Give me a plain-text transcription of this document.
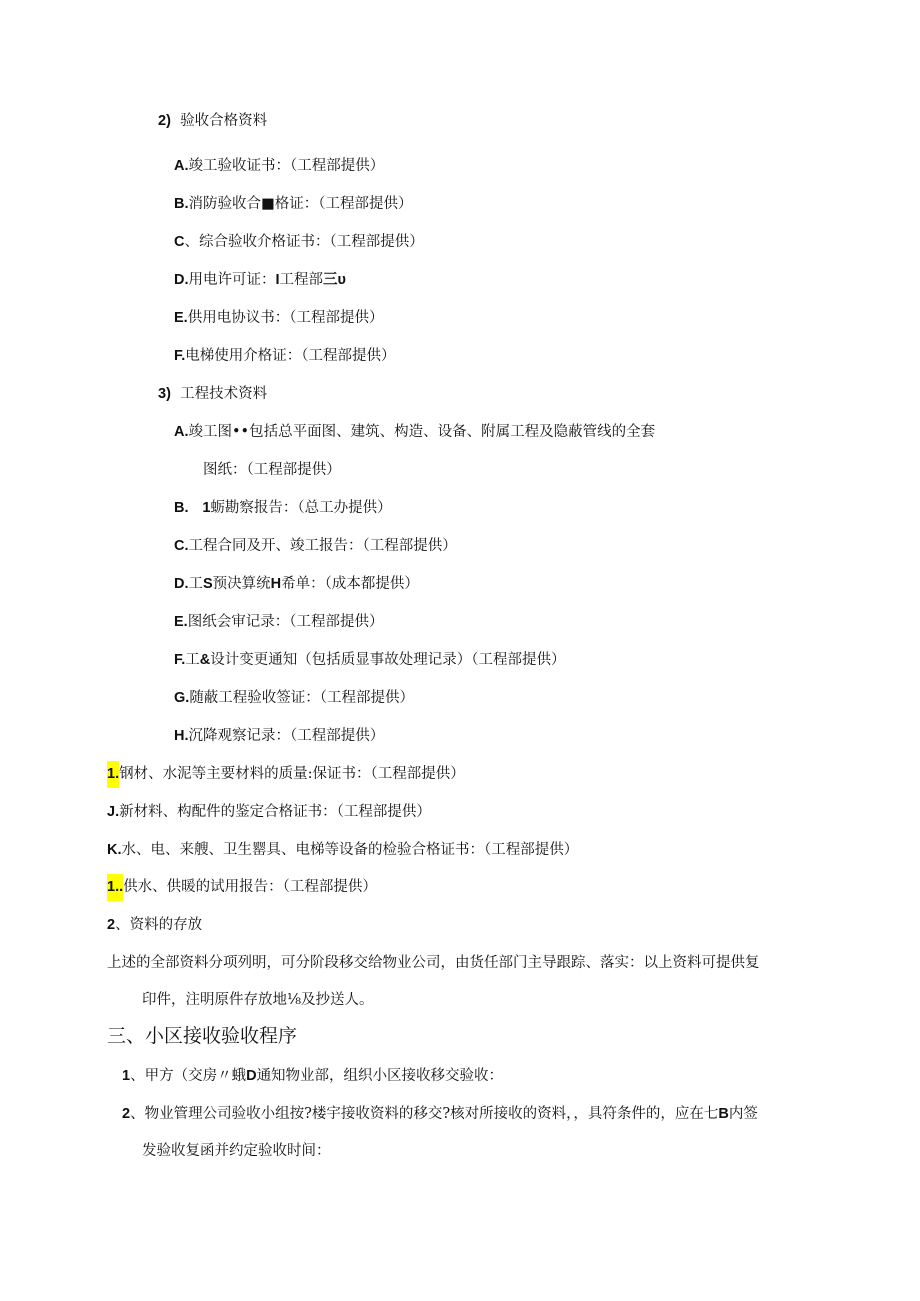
2) 验收合格资料
A.竣工验收证书：（工程部提供）
B.消防验收合■格证：（工程部提供）
C、综合验收介格证书：（工程部提供）
D.用电许可证：I工程部三υ
E.供用电协议书：（工程部提供）
F.电梯使用介格证：（工程部提供）
3) 工程技术资料
A.竣工图••包括总平面图、建筑、构造、设备、附属工程及隐蔽管线的全套
图纸：（工程部提供）
B. 1蛎勘察报告：（总工办提供）
C.工程合同及开、竣工报告：（工程部提供）
D.工S预决算统H希单：（成本都提供）
E.图纸会审记录：（工程部提供）
F.工&设计变更通知（包括质显事故处理记录）（工程部提供）
G.随蔽工程验收签证：（工程部提供）
H.沉降观察记录：（工程部提供）
1.钢材、水泥等主要材料的质量:保证书：（工程部提供）
J.新材料、构配件的鉴定合格证书：（工程部提供）
K.水、电、来艘、卫生罂具、电梯等设备的检验合格证书：（工程部提供）
1..供水、供暖的试用报告：（工程部提供）
2、资料的存放
上述的全部资料分项列明，可分阶段移交给物业公司，由货任部门主导跟踪、落实：以上资料可提供复
印件，注明原件存放地⅛及抄送人。
三、小区接收验收程序
1、甲方（交房〃蛾D通知物业部，组织小区接收移交验收：
2、物业管理公司验收小组按?楼宇接收资料的移交?核对所接收的资料，，具符条件的，应在七B内签
发验收复函并约定验收时间：
